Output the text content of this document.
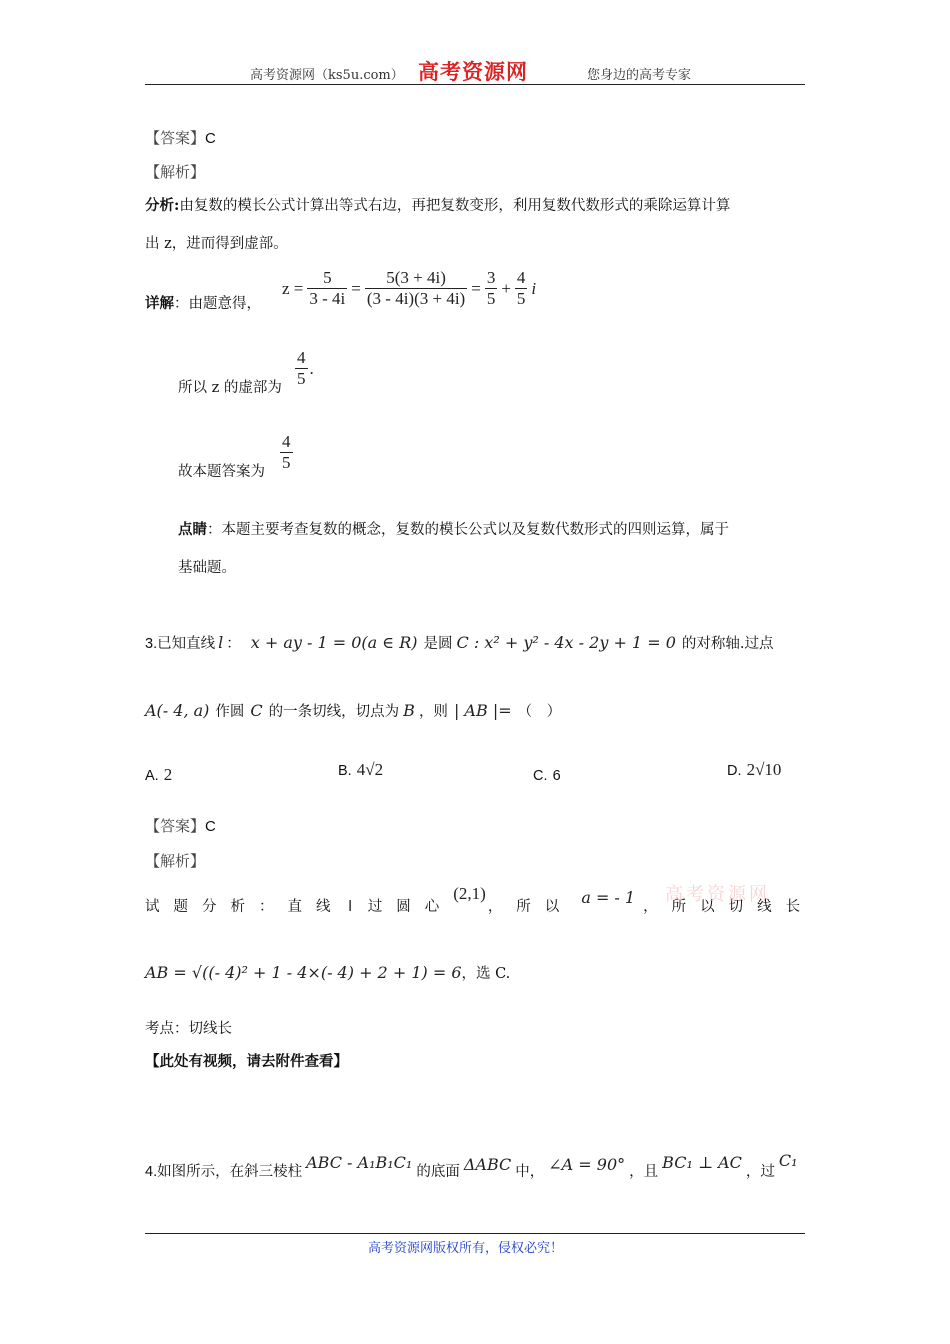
高考资源网（ks5u.com） 高考资源网	您身边的高考专家
【答案】C
【解析】
分析:由复数的模长公式计算出等式右边，再把复数变形，利用复数代数形式的乘除运算计算
出 z，进而得到虚部。
详解：由题意得，
$z = \frac{5}{3 - 4i} = \frac{5(3 + 4i)}{(3 - 4i)(3 + 4i)} = \frac{3}{5} + \frac{4}{5}$ i
所以 z 的虚部为 $\frac{4}{5}$ .
故本题答案为 $\frac{4}{5}$
点睛：本题主要考查复数的概念，复数的模长公式以及复数代数形式的四则运算，属于
基础题。
3. 已知直线 l ： x + ay - 1 = 0(a ∈ R) 是圆 C : x² + y² - 4x - 2y + 1 = 0 的对称轴.过点
A(- 4, a) 作圆 C 的一条切线，切点为 B ，则 | AB |= （　）
A. 2	B. 4√2	C. 6	D. 2√10
【答案】C
【解析】
试题分析：直线 l 过圆心
(2,1)
，所以 a = - 1 ，所以切线长
高考资源网
AB = √((- 4)² + 1 - 4×(- 4) + 2 + 1) = 6 ，选 C.
考点：切线长
【此处有视频，请去附件查看】
4. 如图所示，在斜三棱柱 ABC - A₁B₁C₁ 的底面 ΔABC 中， ∠A = 90° ，且 BC₁ ⊥ AC ，过
C₁
高考资源网版权所有，侵权必究！
